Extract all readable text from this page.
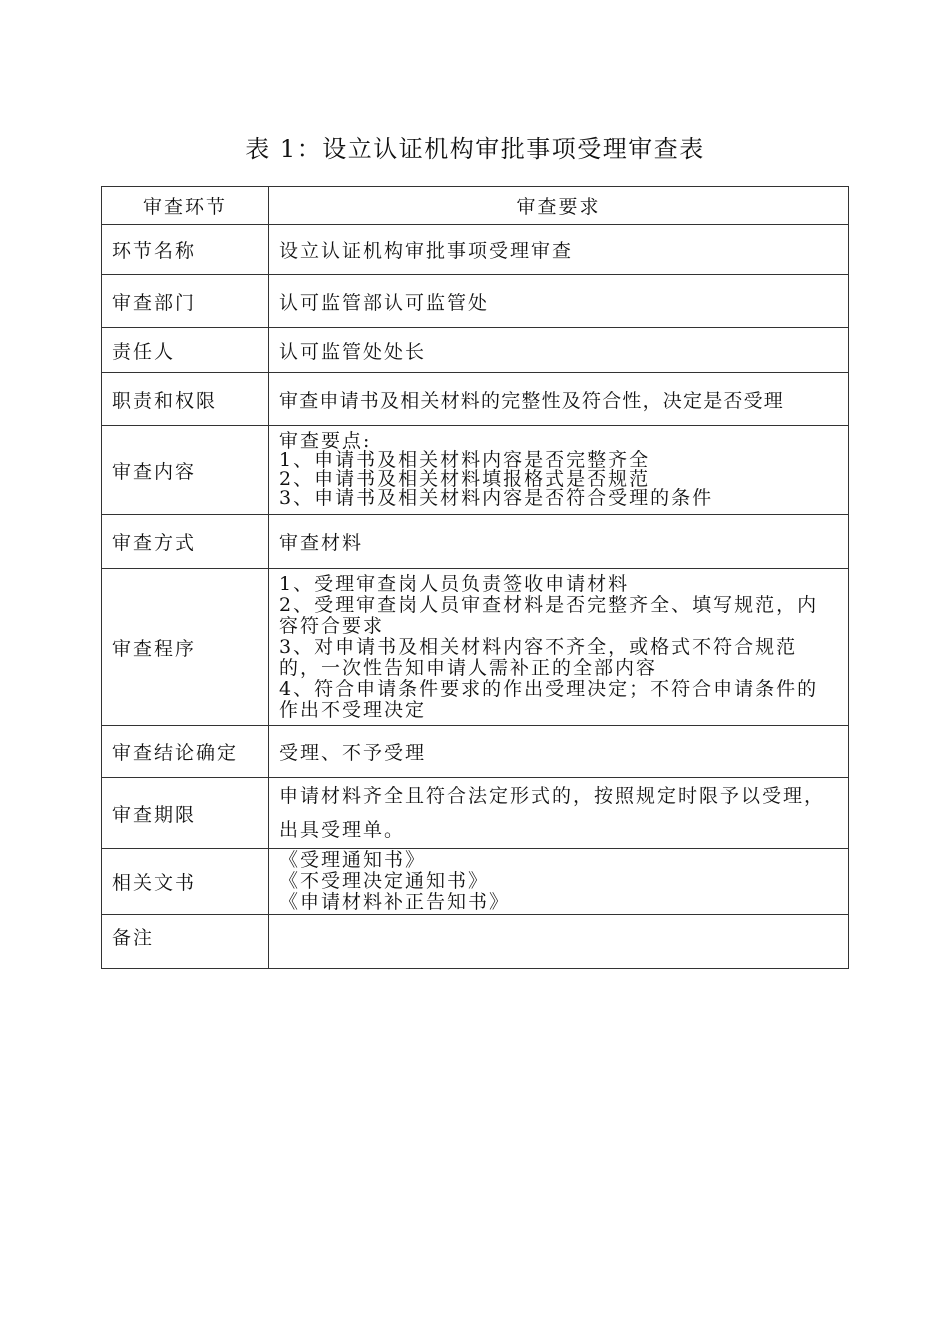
表 1：设立认证机构审批事项受理审查表
审查环节	审查要求
环节名称	设立认证机构审批事项受理审查

审查部门	认可监管部认可监管处

责任人	认可监管处处长

职责和权限	审查申请书及相关材料的完整性及符合性，决定是否受理

审查内容	审查要点:
1、申请书及相关材料内容是否完整齐全
2、申请书及相关材料填报格式是否规范
3、申请书及相关材料内容是否符合受理的条件

审查方式	审查材料

审查程序	1、受理审查岗人员负责签收申请材料
2、受理审查岗人员审查材料是否完整齐全、填写规范，内容符合要求
3、对申请书及相关材料内容不齐全，或格式不符合规范的，一次性告知申请人需补正的全部内容
4、符合申请条件要求的作出受理决定；不符合申请条件的作出不受理决定

审查结论确定	受理、不予受理

审查期限	申请材料齐全且符合法定形式的，按照规定时限予以受理，出具受理单。

相关文书	《受理通知书》
《不受理决定通知书》
《申请材料补正告知书》

备注	
